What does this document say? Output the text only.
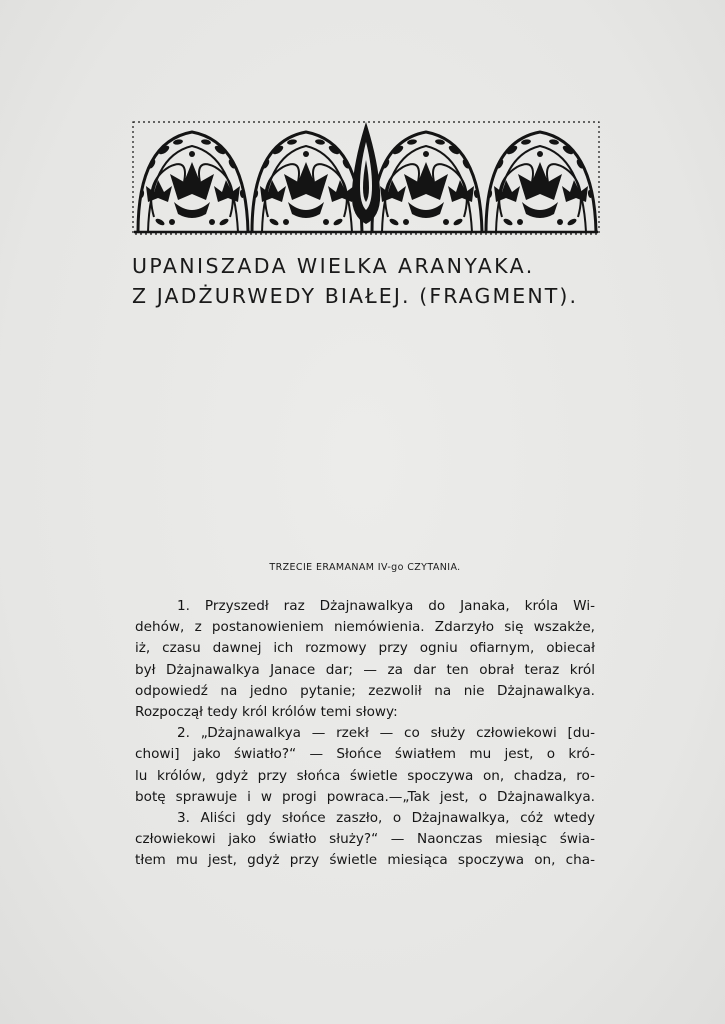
UPANISZADA WIELKA ARANYAKA.
Z JADŻURWEDY BIAŁEJ. (FRAGMENT).
TRZECIE ERAMANAM IV-go CZYTANIA.
1. Przyszedł raz Dżajnawalkya do Janaka, króla Wi-
dehów, z postanowieniem niemówienia. Zdarzyło się wszakże,
iż, czasu dawnej ich rozmowy przy ogniu ofiarnym, obiecał
był Dżajnawalkya Janace dar; — za dar ten obrał teraz król
odpowiedź na jedno pytanie; zezwolił na nie Dżajnawalkya.
Rozpoczął tedy król królów temi słowy:
2. „Dżajnawalkya — rzekł — co służy człowiekowi [du-
chowi] jako światło?“ — Słońce światłem mu jest, o kró-
lu królów, gdyż przy słońca świetle spoczywa on, chadza, ro-
botę sprawuje i w progi powraca.—„Tak jest, o Dżajnawalkya.
3. Aliści gdy słońce zaszło, o Dżajnawalkya, cóż wtedy
człowiekowi jako światło służy?“ — Naonczas miesiąc świa-
tłem mu jest, gdyż przy świetle miesiąca spoczywa on, cha-
